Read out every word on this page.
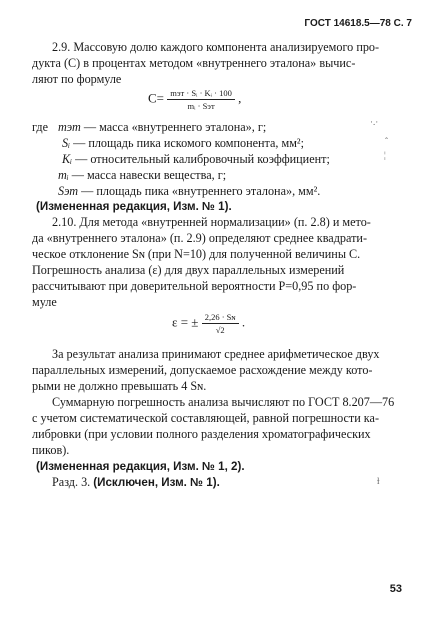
ГОСТ 14618.5—78 С. 7
2.9. Массовую долю каждого компонента анализируемого про-
дукта (C) в процентах методом «внутреннего эталона» вычис-
ляют по формуле
$C= \frac{\text{mэт · Sᵢ · Kᵢ · 100}}{\text{mᵢ · Sэт}}$ ,
где mэт — масса «внутреннего эталона», г;
Sᵢ — площадь пика искомого компонента, мм²;
Kᵢ — относительный калибровочный коэффициент;
mᵢ — масса навески вещества, г;
Sэт — площадь пика «внутреннего эталона», мм².
·.·
ˆ
¦
(Измененная редакция, Изм. № 1).
2.10. Для метода «внутренней нормализации» (п. 2.8) и мето-
да «внутреннего эталона» (п. 2.9) определяют среднее квадрати-
ческое отклонение Sɴ (при N=10) для полученной величины C.
Погрешность анализа (ε) для двух параллельных измерений
рассчитывают при доверительной вероятности P=0,95 по фор-
муле
ε = ± $\frac{\text{2,26 · Sɴ}}{√2}$ .
За результат анализа принимают среднее арифметическое двух
параллельных измерений, допускаемое расхождение между кото-
рыми не должно превышать 4 Sɴ.
Суммарную погрешность анализа вычисляют по ГОСТ 8.207—76
с учетом систематической составляющей, равной погрешности ка-
либровки (при условии полного разделения хроматографических
пиков).
(Измененная редакция, Изм. № 1, 2).
Разд. 3. (Исключен, Изм. № 1).	ɫ
53
